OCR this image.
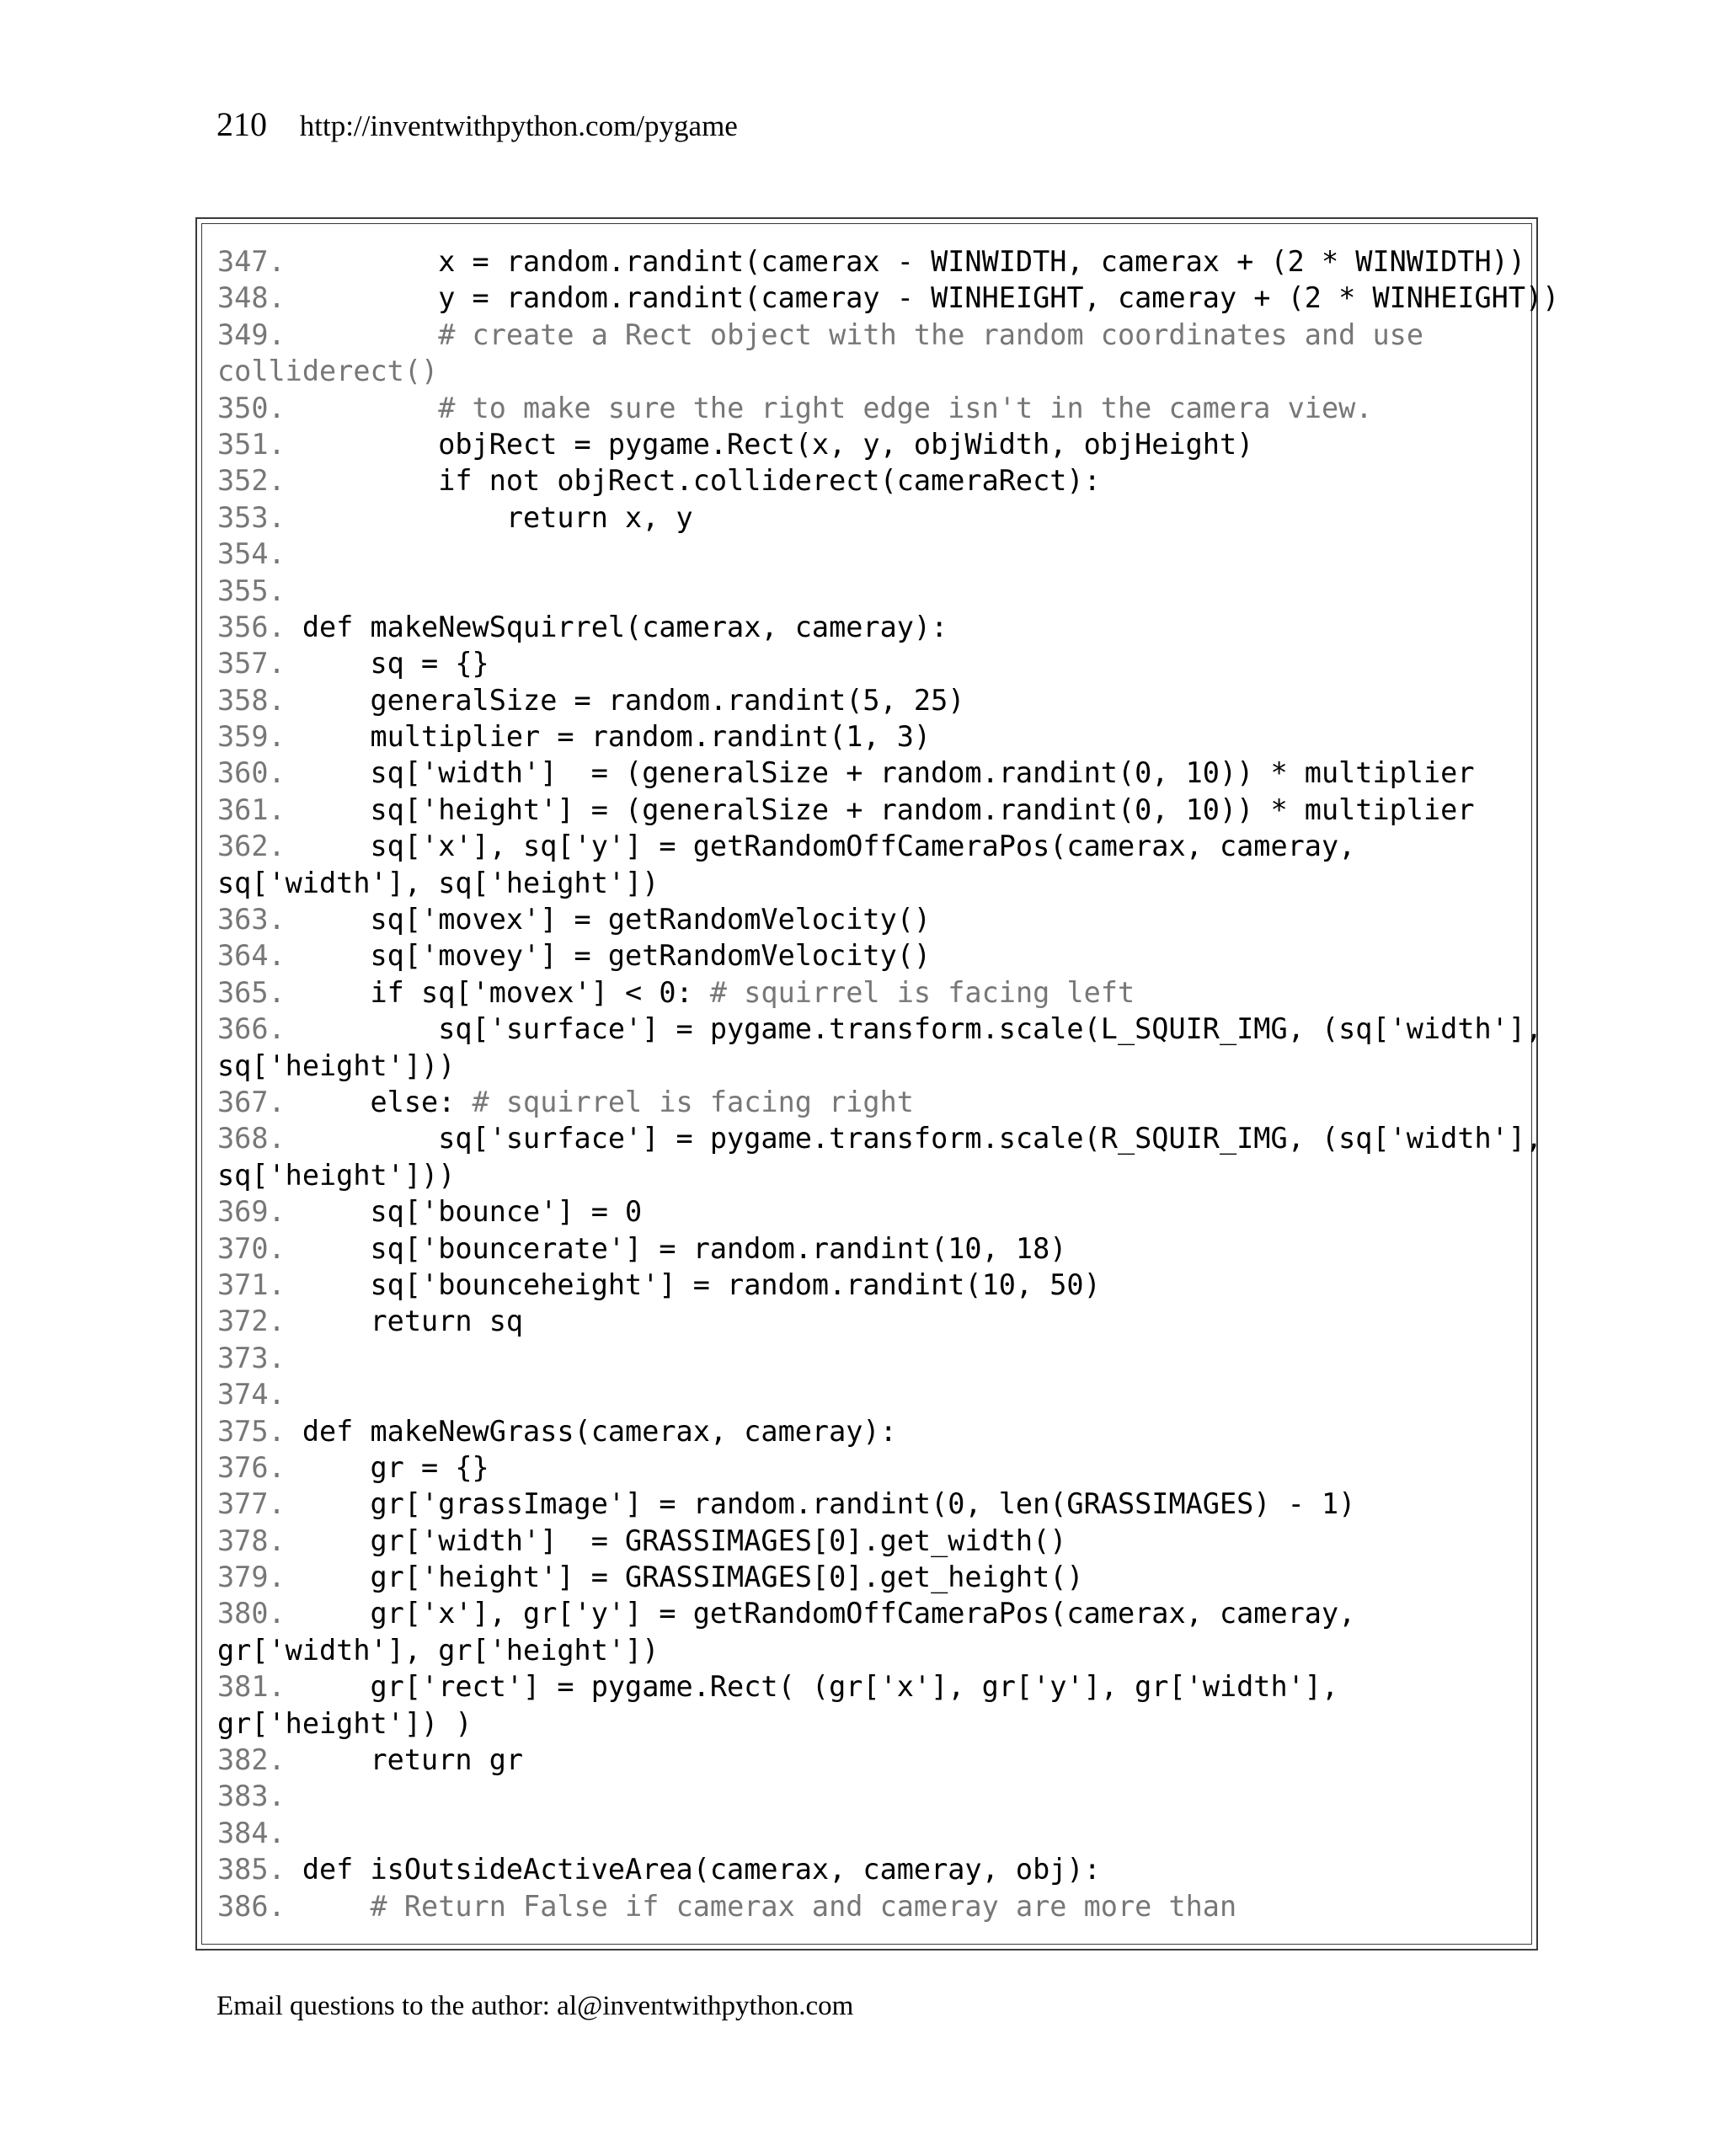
210 http://inventwithpython.com/pygame
347.         x = random.randint(camerax - WINWIDTH, camerax + (2 * WINWIDTH))
348.         y = random.randint(cameray - WINHEIGHT, cameray + (2 * WINHEIGHT))
349.	# create a Rect object with the random coordinates and use
colliderect()
350.	# to make sure the right edge isn't in the camera view.
351.         objRect = pygame.Rect(x, y, objWidth, objHeight)
352.         if not objRect.colliderect(cameraRect):
353.             return x, y
354.
355.
356. def makeNewSquirrel(camerax, cameray):
357.     sq = {}
358.     generalSize = random.randint(5, 25)
359.     multiplier = random.randint(1, 3)
360.     sq['width']  = (generalSize + random.randint(0, 10)) * multiplier
361.     sq['height'] = (generalSize + random.randint(0, 10)) * multiplier
362.     sq['x'], sq['y'] = getRandomOffCameraPos(camerax, cameray,
sq['width'], sq['height'])
363.     sq['movex'] = getRandomVelocity()
364.     sq['movey'] = getRandomVelocity()
365.     if sq['movex'] < 0: # squirrel is facing left
366.         sq['surface'] = pygame.transform.scale(L_SQUIR_IMG, (sq['width'],
sq['height']))
367.     else: # squirrel is facing right
368.         sq['surface'] = pygame.transform.scale(R_SQUIR_IMG, (sq['width'],
sq['height']))
369.     sq['bounce'] = 0
370.     sq['bouncerate'] = random.randint(10, 18)
371.     sq['bounceheight'] = random.randint(10, 50)
372.     return sq
373.
374.
375. def makeNewGrass(camerax, cameray):
376.     gr = {}
377.     gr['grassImage'] = random.randint(0, len(GRASSIMAGES) - 1)
378.     gr['width']  = GRASSIMAGES[0].get_width()
379.     gr['height'] = GRASSIMAGES[0].get_height()
380.     gr['x'], gr['y'] = getRandomOffCameraPos(camerax, cameray,
gr['width'], gr['height'])
381.     gr['rect'] = pygame.Rect( (gr['x'], gr['y'], gr['width'],
gr['height']) )
382.     return gr
383.
384.
385. def isOutsideActiveArea(camerax, cameray, obj):
386.     # Return False if camerax and cameray are more than
Email questions to the author: al@inventwithpython.com
